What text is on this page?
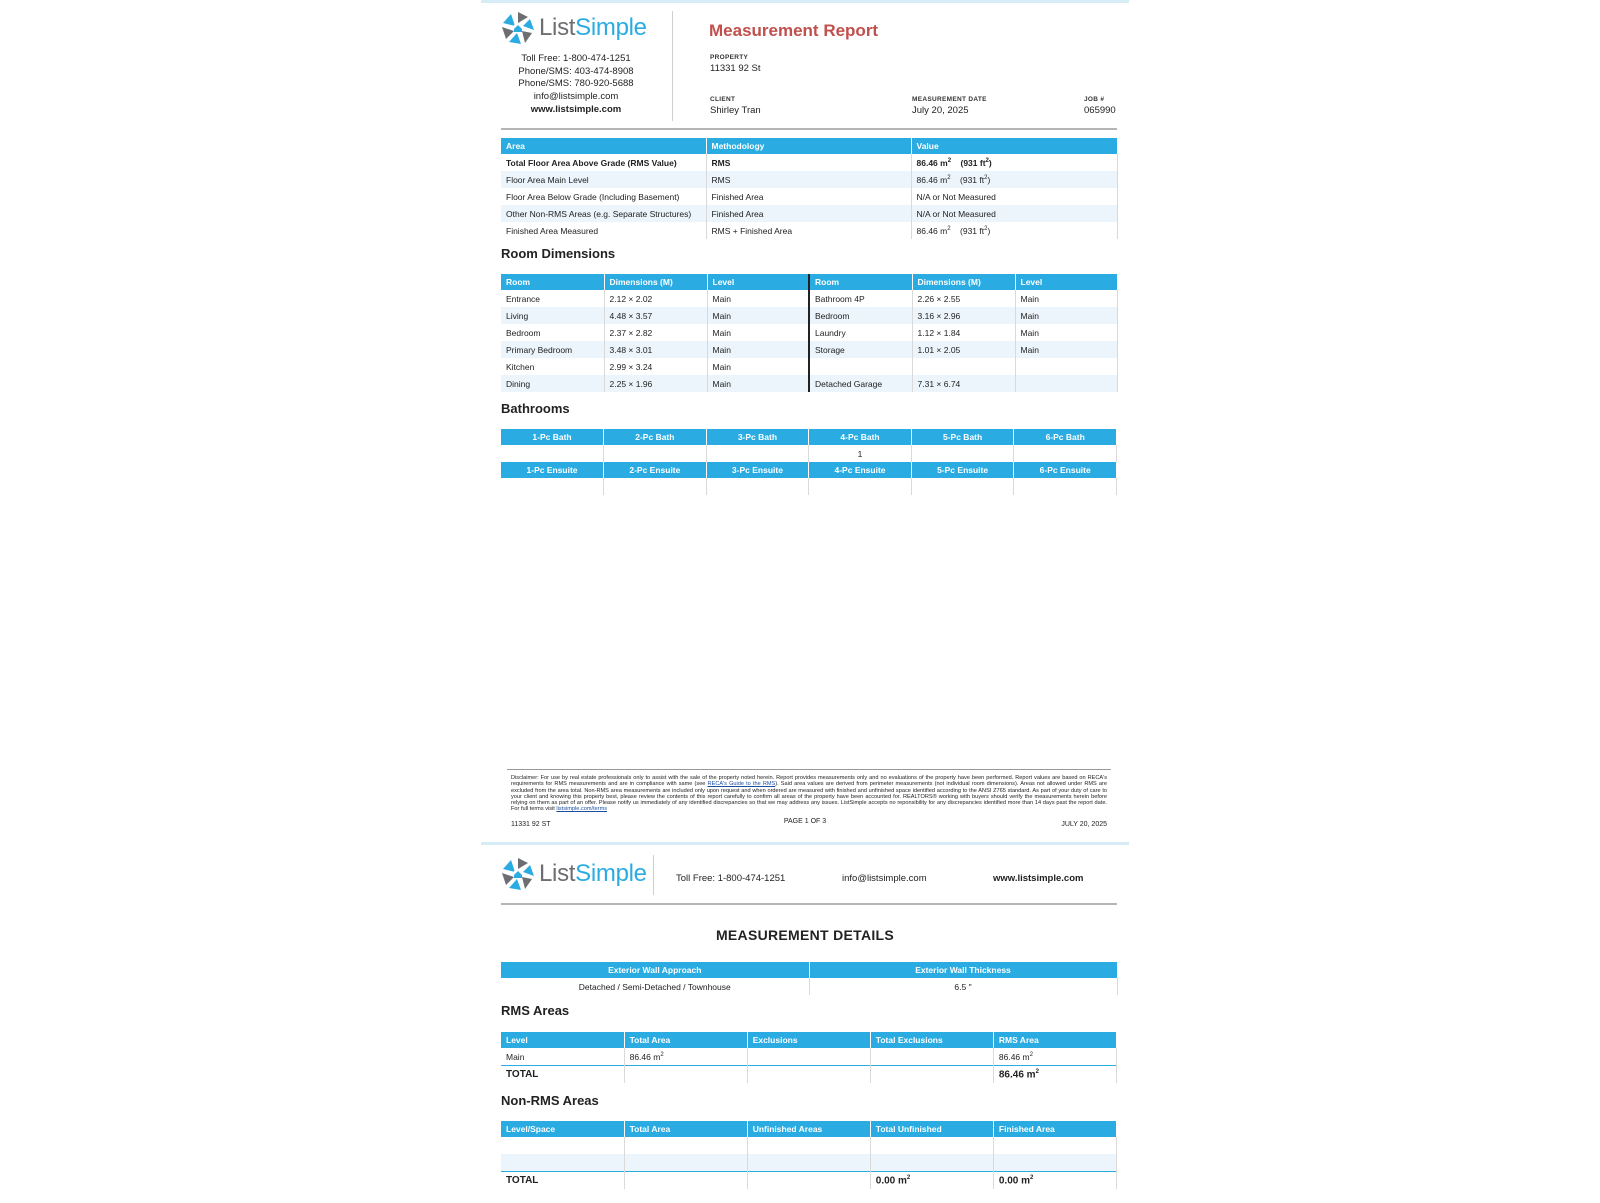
ListSimple
Toll Free: 1-800-474-1251
Phone/SMS: 403-474-8908
Phone/SMS: 780-920-5688
info@listsimple.com
www.listsimple.com
Measurement Report
PROPERTY
11331 92 St
CLIENT
Shirley Tran
MEASUREMENT DATE
July 20, 2025
JOB #
065990
Area	Methodology	Value
Total Floor Area Above Grade (RMS Value)	RMS	86.46 $m^2$ (931 $ft^2$)
Floor Area Main Level	RMS	86.46 $m^2$ (931 $ft^2$)
Floor Area Below Grade (Including Basement)	Finished Area	N/A or Not Measured
Other Non-RMS Areas (e.g. Separate Structures)	Finished Area	N/A or Not Measured
Finished Area Measured	RMS + Finished Area	86.46 $m^2$ (931 $ft^2$)
Room Dimensions
Room	Dimensions (M)	Level	Room	Dimensions (M)	Level
Entrance	2.12 × 2.02	Main	Bathroom 4P	2.26 × 2.55	Main
Living	4.48 × 3.57	Main	Bedroom	3.16 × 2.96	Main
Bedroom	2.37 × 2.82	Main	Laundry	1.12 × 1.84	Main
Primary Bedroom	3.48 × 3.01	Main	Storage	1.01 × 2.05	Main
Kitchen	2.99 × 3.24	Main			
Dining	2.25 × 1.96	Main	Detached Garage	7.31 × 6.74	
Bathrooms
1-Pc Bath	2-Pc Bath	3-Pc Bath	4-Pc Bath	5-Pc Bath	6-Pc Bath
			1		
1-Pc Ensuite	2-Pc Ensuite	3-Pc Ensuite	4-Pc Ensuite	5-Pc Ensuite	6-Pc Ensuite

Disclaimer: For use by real estate professionals only to assist with the sale of the property noted herein. Report provides measurements only and no evaluations of the property have been performed. Report values are based on RECA's requirements for RMS measurements and are in compliance with same (see RECA's Guide to the RMS). Said area values are derived from perimeter measurements (not individual room dimensions). Areas not allowed under RMS are excluded from the area total. Non-RMS area measurements are included only upon request and when ordered are measured with finished and unfinished space identified according to the ANSI Z765 standard. As part of your duty of care to your client and knowing this property best, please review the contents of this report carefully to confirm all areas of the property have been accounted for. REALTORS® working with buyers should verify the measurements herein before relying on them as part of an offer. Please notify us immediately of any identified discrepancies so that we may address any issues. ListSimple accepts no reponsibility for any discrepancies identified more than 14 days past the report date. For full terms visit listsimple.com/terms
11331 92 ST	PAGE 1 OF 3	JULY 20, 2025
ListSimple	Toll Free: 1-800-474-1251	info@listsimple.com	www.listsimple.com
MEASUREMENT DETAILS
Exterior Wall Approach	Exterior Wall Thickness
Detached / Semi-Detached / Townhouse	6.5 "
RMS Areas
Level	Total Area	Exclusions	Total Exclusions	RMS Area
Main	86.46 $m^2$			86.46 $m^2$
TOTAL				86.46 $m^2$
Non-RMS Areas
Level/Space	Total Area	Unfinished Areas	Total Unfinished	Finished Area

TOTAL			0.00 $m^2$	0.00 $m^2$
